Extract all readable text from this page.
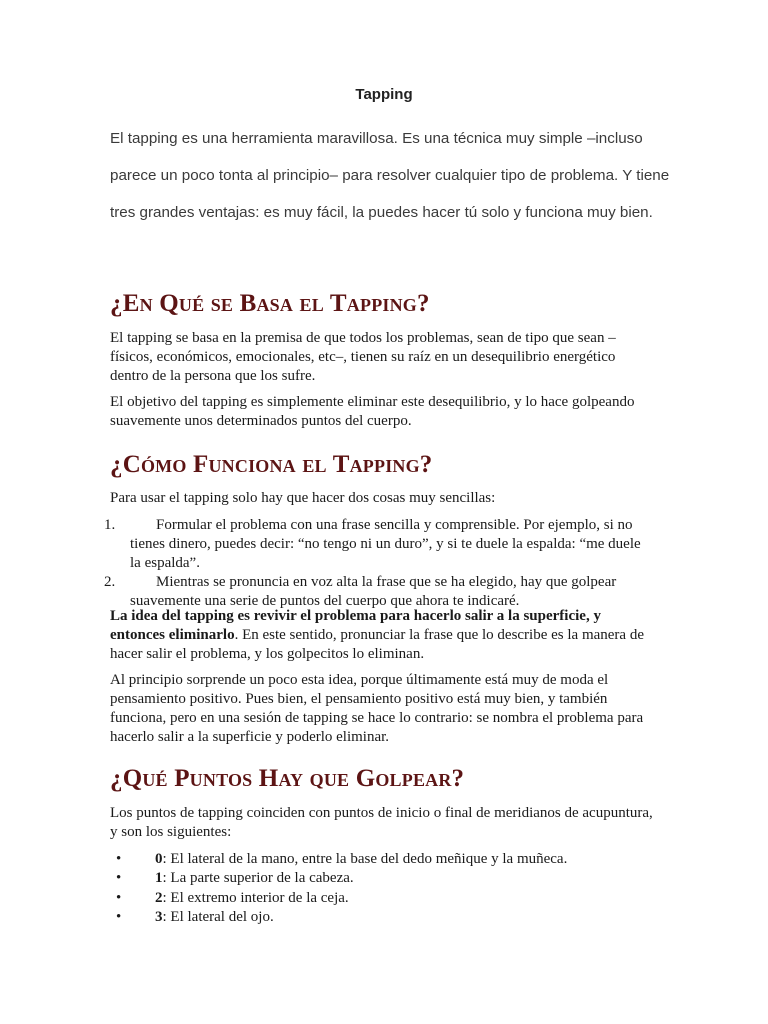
Tapping

El tapping es una herramienta maravillosa. Es una técnica muy simple –incluso parece un poco tonta al principio– para resolver cualquier tipo de problema. Y tiene tres grandes ventajas: es muy fácil, la puedes hacer tú solo y funciona muy bien.

¿En Qué se Basa el Tapping?

El tapping se basa en la premisa de que todos los problemas, sean de tipo que sean –físicos, económicos, emocionales, etc–, tienen su raíz en un desequilibrio energético dentro de la persona que los sufre.

El objetivo del tapping es simplemente eliminar este desequilibrio, y lo hace golpeando suavemente unos determinados puntos del cuerpo.

¿Cómo Funciona el Tapping?

Para usar el tapping solo hay que hacer dos cosas muy sencillas:

1.	Formular el problema con una frase sencilla y comprensible. Por ejemplo, si no tienes dinero, puedes decir: “no tengo ni un duro”, y si te duele la espalda: “me duele la espalda”.
2.	Mientras se pronuncia en voz alta la frase que se ha elegido, hay que golpear suavemente una serie de puntos del cuerpo que ahora te indicaré.

La idea del tapping es revivir el problema para hacerlo salir a la superficie, y entonces eliminarlo. En este sentido, pronunciar la frase que lo describe es la manera de hacer salir el problema, y los golpecitos lo eliminan.

Al principio sorprende un poco esta idea, porque últimamente está muy de moda el pensamiento positivo. Pues bien, el pensamiento positivo está muy bien, y también funciona, pero en una sesión de tapping se hace lo contrario: se nombra el problema para hacerlo salir a la superficie y poderlo eliminar.

¿Qué Puntos Hay que Golpear?

Los puntos de tapping coinciden con puntos de inicio o final de meridianos de acupuntura, y son los siguientes:

• 0: El lateral de la mano, entre la base del dedo meñique y la muñeca.
• 1: La parte superior de la cabeza.
• 2: El extremo interior de la ceja.
• 3: El lateral del ojo.
